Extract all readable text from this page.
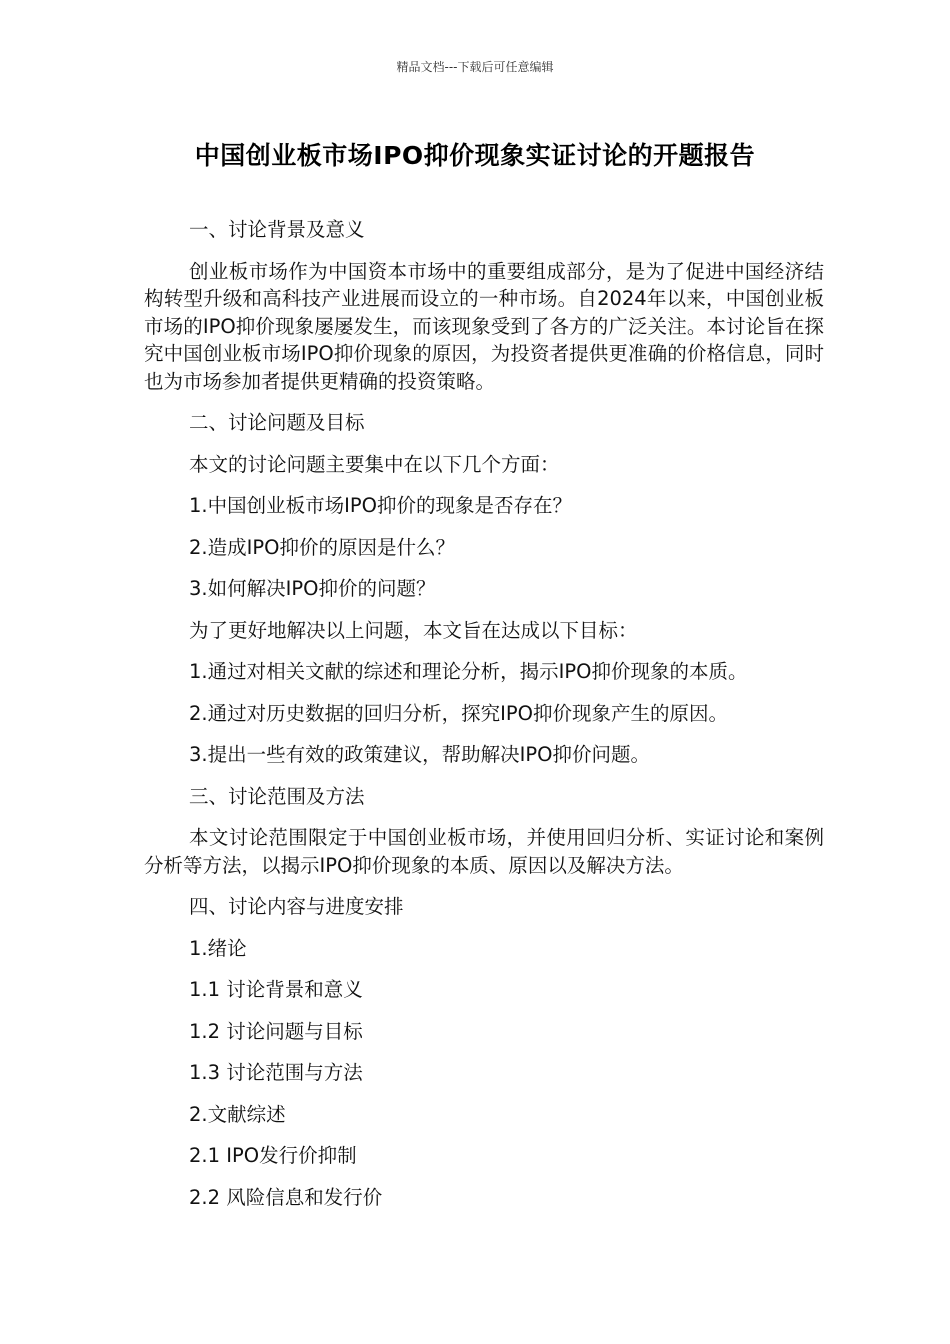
精品文档---下载后可任意编辑
中国创业板市场IPO抑价现象实证讨论的开题报告

一、讨论背景及意义

创业板市场作为中国资本市场中的重要组成部分，是为了促进中国经济结构转型升级和高科技产业进展而设立的一种市场。自2024年以来，中国创业板市场的IPO抑价现象屡屡发生，而该现象受到了各方的广泛关注。本讨论旨在探究中国创业板市场IPO抑价现象的原因，为投资者提供更准确的价格信息，同时也为市场参加者提供更精确的投资策略。

二、讨论问题及目标

本文的讨论问题主要集中在以下几个方面：

1.中国创业板市场IPO抑价的现象是否存在？

2.造成IPO抑价的原因是什么？

3.如何解决IPO抑价的问题？

为了更好地解决以上问题，本文旨在达成以下目标：

1.通过对相关文献的综述和理论分析，揭示IPO抑价现象的本质。

2.通过对历史数据的回归分析，探究IPO抑价现象产生的原因。

3.提出一些有效的政策建议，帮助解决IPO抑价问题。

三、讨论范围及方法

本文讨论范围限定于中国创业板市场，并使用回归分析、实证讨论和案例分析等方法，以揭示IPO抑价现象的本质、原因以及解决方法。

四、讨论内容与进度安排

1.绪论

1.1 讨论背景和意义

1.2 讨论问题与目标

1.3 讨论范围与方法

2.文献综述

2.1 IPO发行价抑制

2.2 风险信息和发行价
